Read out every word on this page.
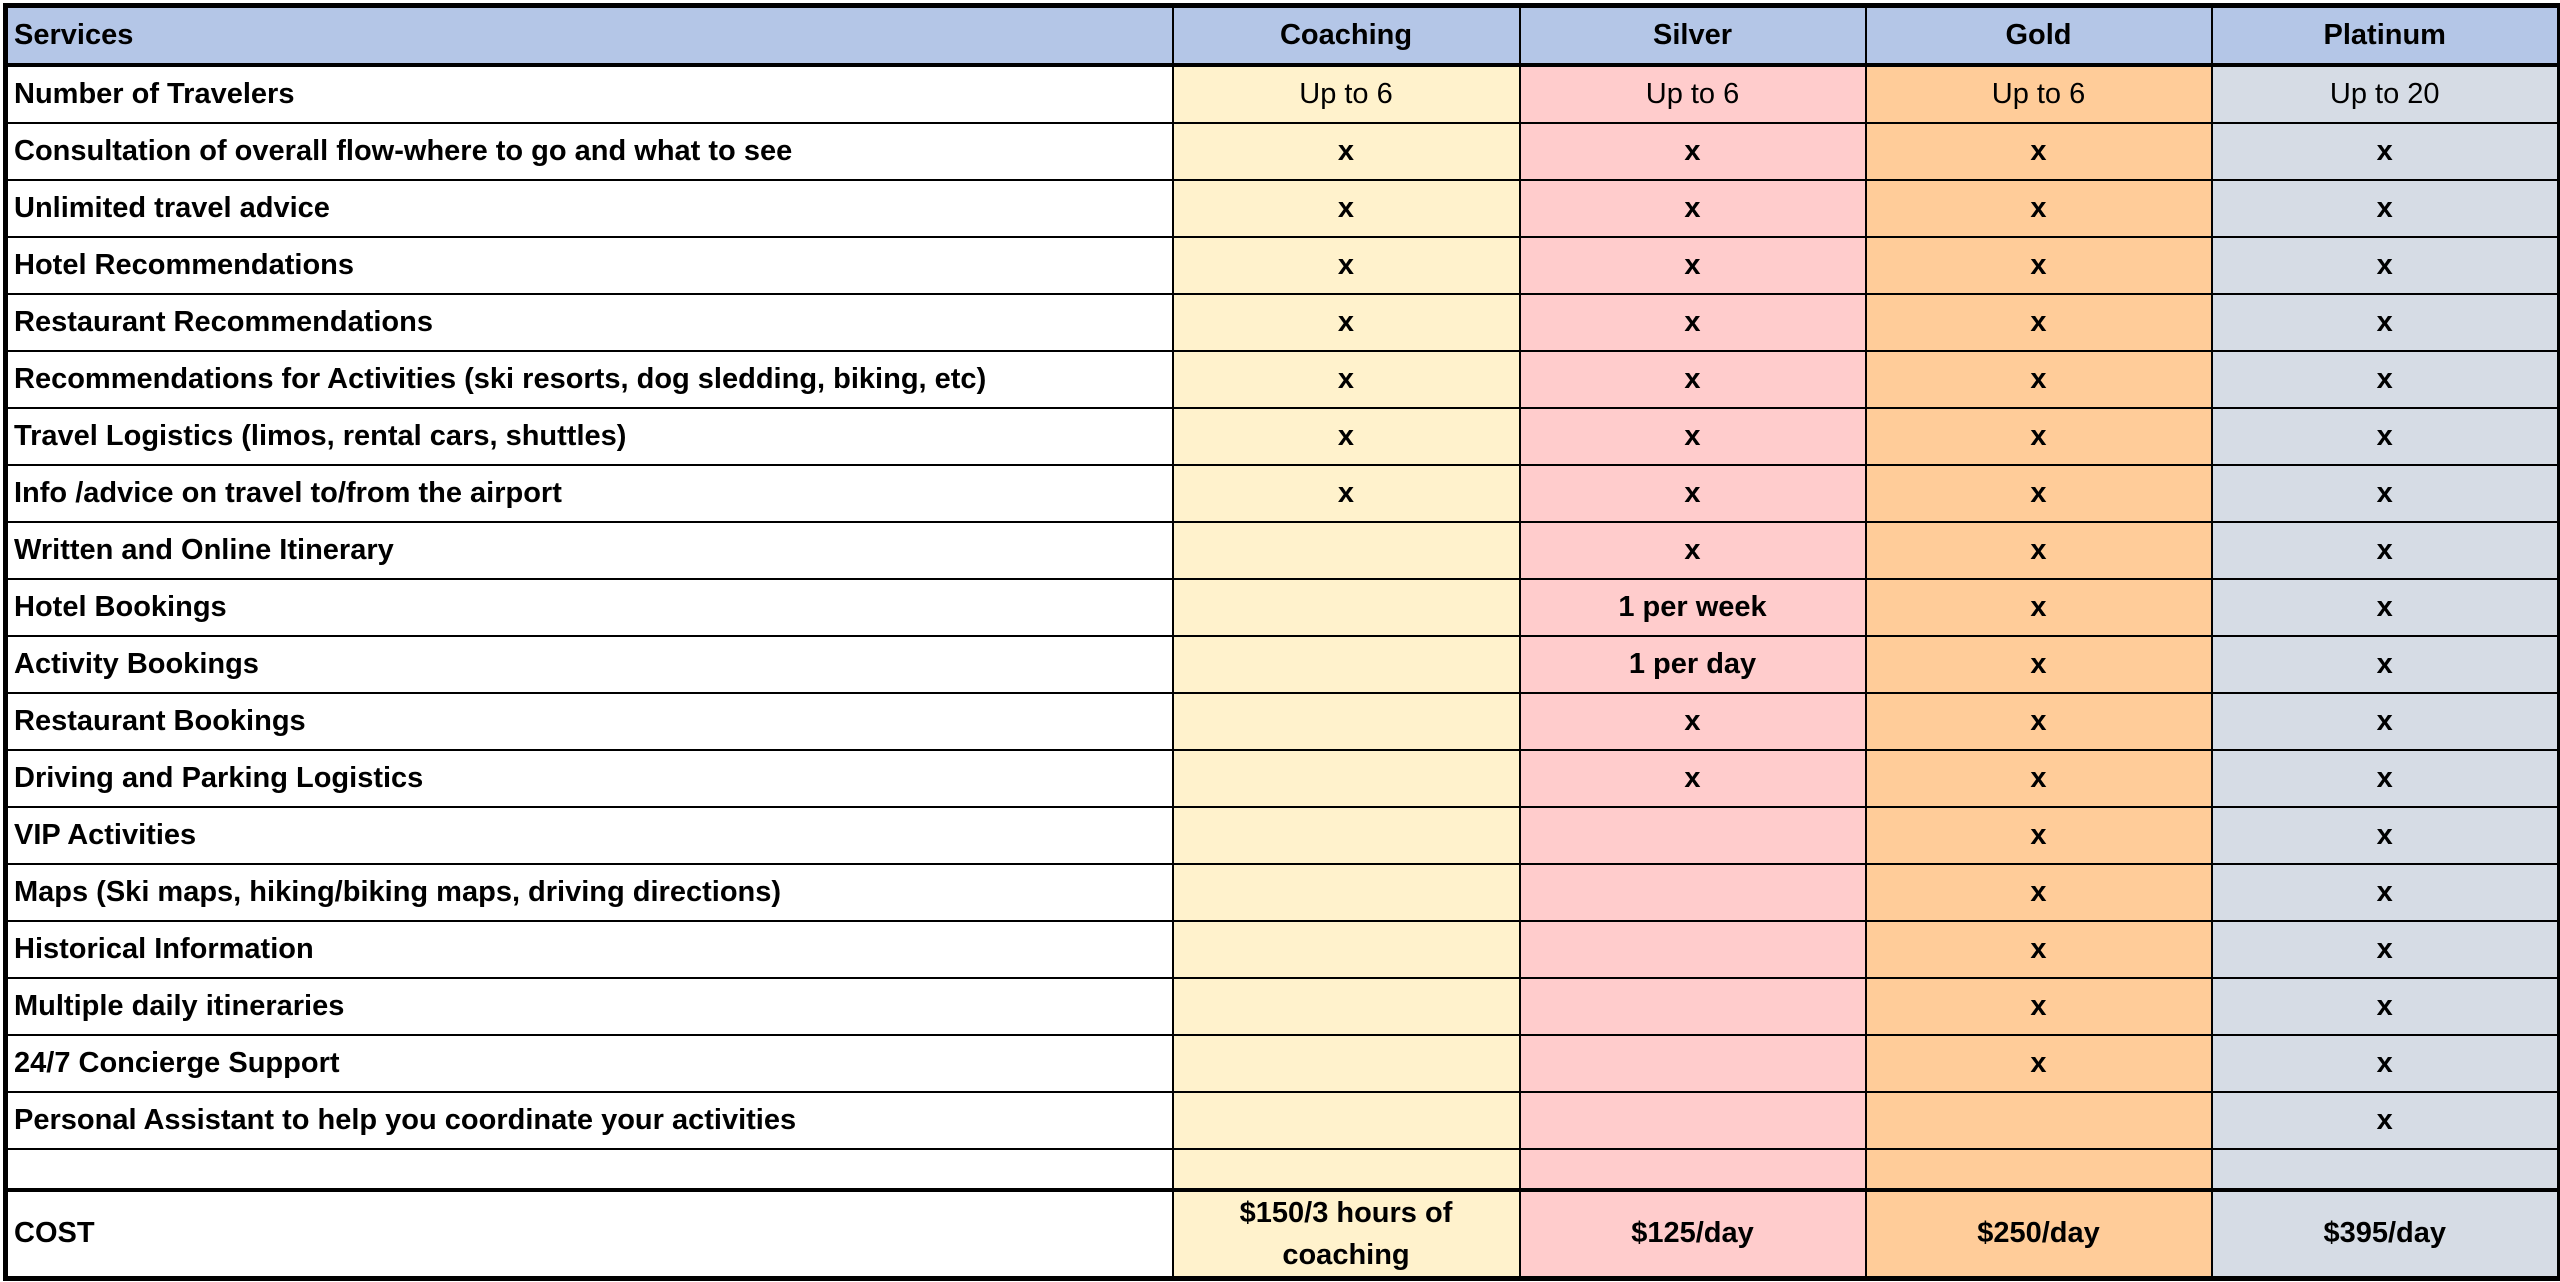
Services	Coaching	Silver	Gold	Platinum
Number of Travelers	Up to 6	Up to 6	Up to 6	Up to 20
Consultation of overall flow-where to go and what to see	x	x	x	x
Unlimited travel advice	x	x	x	x
Hotel Recommendations	x	x	x	x
Restaurant Recommendations	x	x	x	x
Recommendations for Activities (ski resorts, dog sledding, biking, etc)	x	x	x	x
Travel Logistics (limos, rental cars, shuttles)	x	x	x	x
Info /advice on travel to/from the airport	x	x	x	x
Written and Online Itinerary		x	x	x
Hotel Bookings		1 per week	x	x
Activity Bookings		1 per day	x	x
Restaurant Bookings		x	x	x
Driving and Parking Logistics		x	x	x
VIP Activities			x	x
Maps (Ski maps, hiking/biking maps, driving directions)			x	x
Historical Information			x	x
Multiple daily itineraries			x	x
24/7 Concierge Support			x	x
Personal Assistant to help you coordinate your activities				x

COST	$150/3 hours of coaching	$125/day	$250/day	$395/day
